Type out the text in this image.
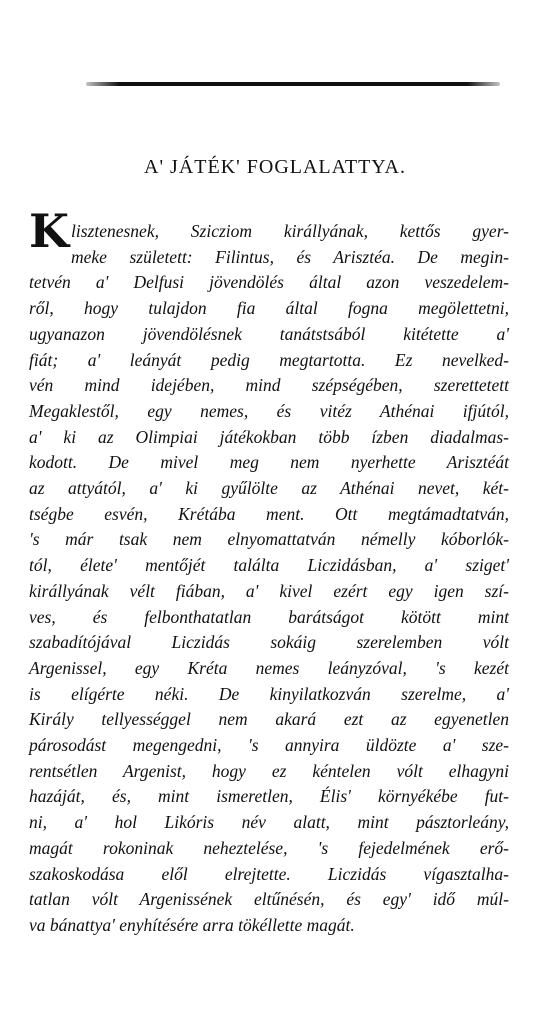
A' JÁTÉK' FOGLALATTYA.
K lisztenesnek, Szicziom királlyának, kettős gyer-
meke született: Filintus, és Arisztéa. De megin-
tetvén a' Delfusi jövendölés által azon veszedelem-
ről, hogy tulajdon fia által fogna megölettetni,
ugyanazon jövendölésnek tanátstsából kitétette a'
fiát; a' leányát pedig megtartotta. Ez nevelked-
vén mind idejében, mind szépségében, szerettetett
Megaklestől, egy nemes, és vitéz Athénai ifjútól,
a' ki az Olimpiai játékokban több ízben diadalmas-
kodott. De mivel meg nem nyerhette Arisztéát
az attyától, a' ki gyűlölte az Athénai nevet, két-
tségbe esvén, Krétába ment. Ott megtámadtatván,
's már tsak nem elnyomattatván némelly kóborlók-
tól, élete' mentőjét találta Liczidásban, a' sziget'
királlyának vélt fiában, a' kivel ezért egy igen szí-
ves, és felbonthatatlan barátságot kötött mint
szabadítójával Liczidás sokáig szerelemben vólt
Argenissel, egy Kréta nemes leányzóval, 's kezét
is elígérte néki. De kinyilatkozván szerelme, a'
Király tellyességgel nem akará ezt az egyenetlen
párosodást megengedni, 's annyira üldözte a' sze-
rentsétlen Argenist, hogy ez kéntelen vólt elhagyni
hazáját, és, mint ismeretlen, Élis' környékébe fut-
ni, a' hol Likóris név alatt, mint pásztorleány,
magát rokoninak neheztelése, 's fejedelmének erő-
szakoskodása elől elrejtette. Liczidás vígasztalha-
tatlan vólt Argenissének eltűnésén, és egy' idő múl-
va bánattya' enyhítésére arra tökéllette magát.
